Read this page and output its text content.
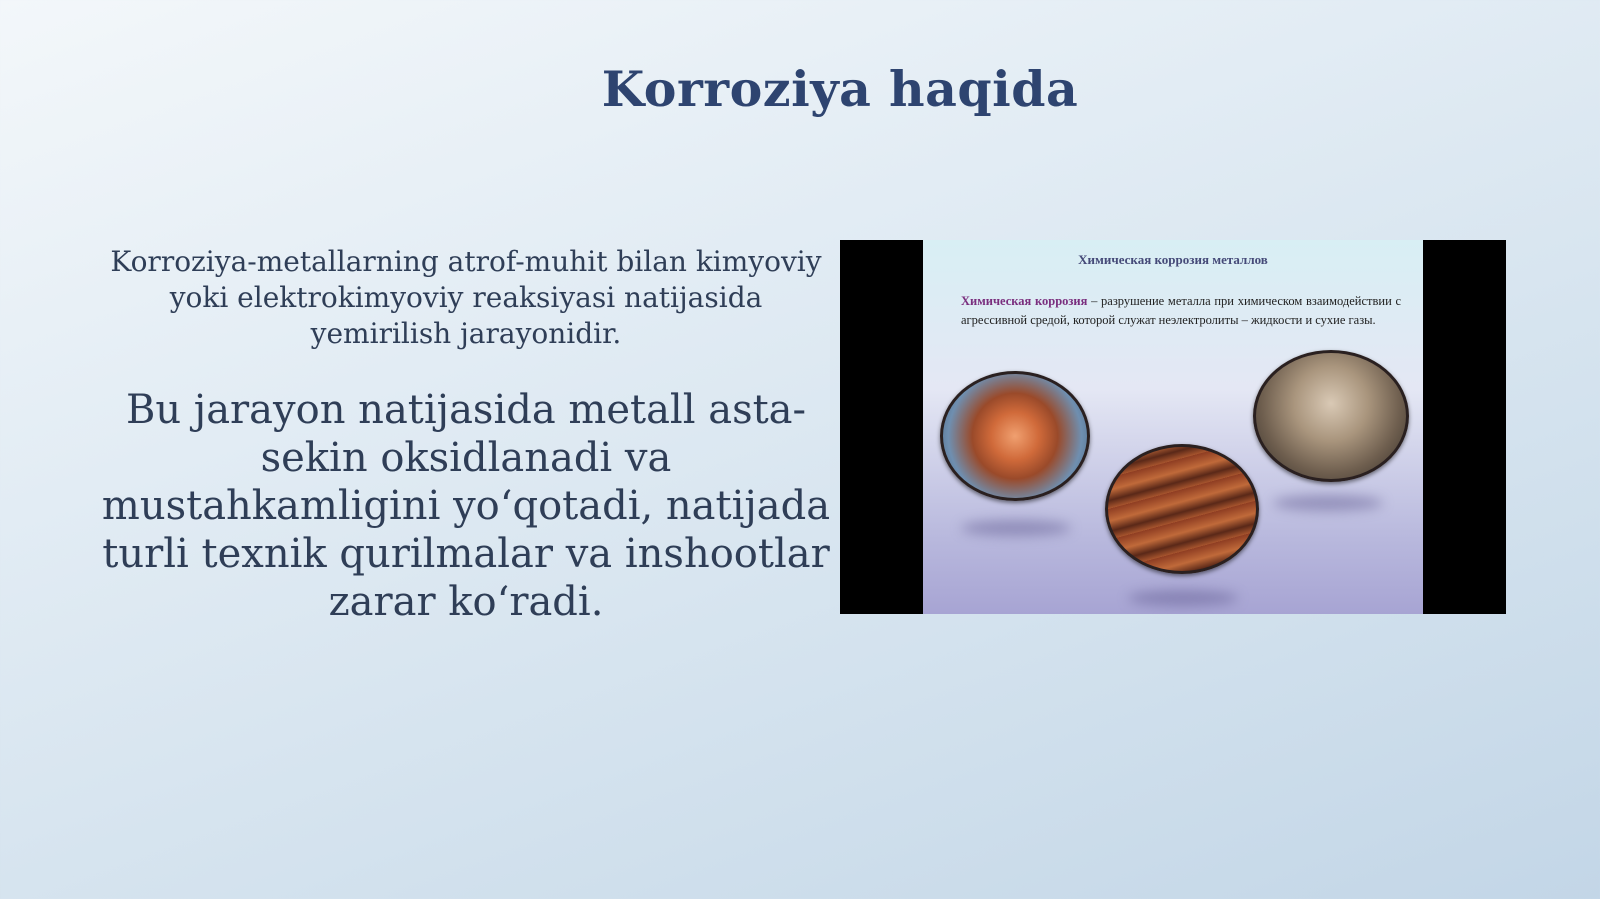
Korroziya haqida
Korroziya-metallarning atrof-muhit bilan kimyoviy yoki elektrokimyoviy reaksiyasi natijasida yemirilish jarayonidir.
Bu jarayon natijasida metall asta-sekin oksidlanadi va mustahkamligini yo‘qotadi, natijada turli texnik qurilmalar va inshootlar zarar ko‘radi.
Химическая коррозия металлов
Химическая коррозия – разрушение металла при химическом взаимодействии с агрессивной средой, которой служат неэлектролиты – жидкости и сухие газы.
